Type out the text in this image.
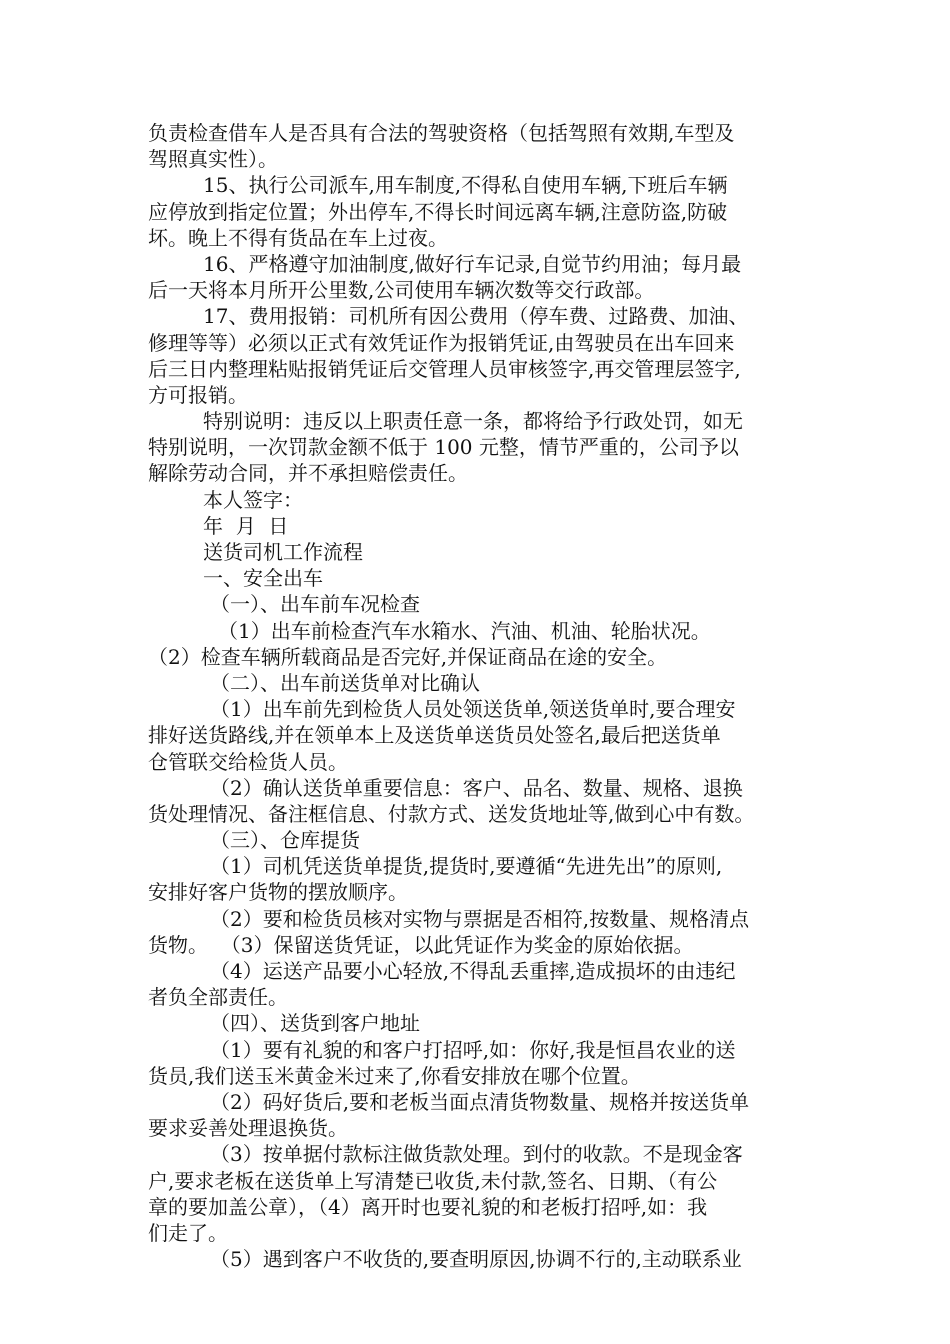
负责检查借车人是否具有合法的驾驶资格（包括驾照有效期,车型及
驾照真实性）。
15、执行公司派车,用车制度,不得私自使用车辆,下班后车辆
应停放到指定位置；外出停车,不得长时间远离车辆,注意防盗,防破
坏。晚上不得有货品在车上过夜。
16、严格遵守加油制度,做好行车记录,自觉节约用油；每月最
后一天将本月所开公里数,公司使用车辆次数等交行政部。
17、费用报销：司机所有因公费用（停车费、过路费、加油、
修理等等）必须以正式有效凭证作为报销凭证,由驾驶员在出车回来
后三日内整理粘贴报销凭证后交管理人员审核签字,再交管理层签字,
方可报销。
特别说明：违反以上职责任意一条，都将给予行政处罚，如无
特别说明，一次罚款金额不低于 100 元整，情节严重的，公司予以
解除劳动合同，并不承担赔偿责任。
本人签字：
年  月  日
送货司机工作流程
一、安全出车
（一）、出车前车况检查
（1）出车前检查汽车水箱水、汽油、机油、轮胎状况。
（2）检查车辆所载商品是否完好,并保证商品在途的安全。
（二）、出车前送货单对比确认
（1）出车前先到检货人员处领送货单,领送货单时,要合理安
排好送货路线,并在领单本上及送货单送货员处签名,最后把送货单
仓管联交给检货人员。
（2）确认送货单重要信息：客户、品名、数量、规格、退换
货处理情况、备注框信息、付款方式、送发货地址等,做到心中有数。
（三）、仓库提货
（1）司机凭送货单提货,提货时,要遵循“先进先出”的原则,
安排好客户货物的摆放顺序。
（2）要和检货员核对实物与票据是否相符,按数量、规格清点
货物。  （3）保留送货凭证，以此凭证作为奖金的原始依据。
（4）运送产品要小心轻放,不得乱丢重摔,造成损坏的由违纪
者负全部责任。
（四）、送货到客户地址
（1）要有礼貌的和客户打招呼,如：你好,我是恒昌农业的送
货员,我们送玉米黄金米过来了,你看安排放在哪个位置。
（2）码好货后,要和老板当面点清货物数量、规格并按送货单
要求妥善处理退换货。
（3）按单据付款标注做货款处理。到付的收款。不是现金客
户,要求老板在送货单上写清楚已收货,未付款,签名、日期、（有公
章的要加盖公章），（4）离开时也要礼貌的和老板打招呼,如：我
们走了。
（5）遇到客户不收货的,要查明原因,协调不行的,主动联系业
